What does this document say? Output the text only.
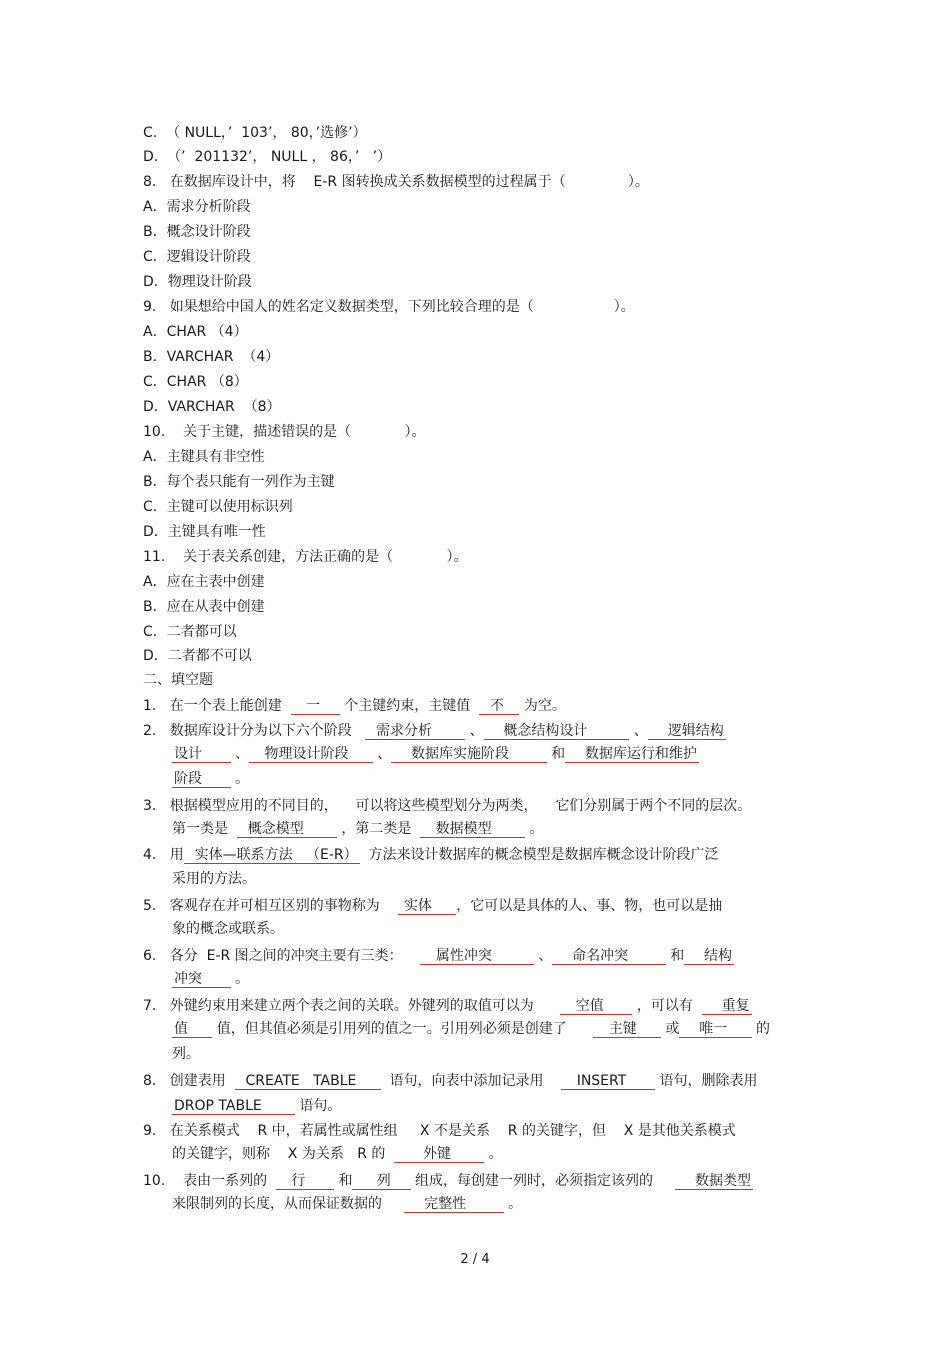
C.  （ NULL，’  103’， 80，’选修’）
D.  （’  201132’， NULL ， 86，’   ’）
8.   在数据库设计中，将    E-R 图转换成关系数据模型的过程属于（              ）。
A．需求分析阶段
B．概念设计阶段
C．逻辑设计阶段
D．物理设计阶段
9.   如果想给中国人的姓名定义数据类型，下列比较合理的是（                  ）。
A．CHAR （4）
B．VARCHAR  （4）
C．CHAR （8）
D．VARCHAR  （8）
10.    关于主键，描述错误的是（            ）。
A．主键具有非空性
B．每个表只能有一列作为主键
C．主键可以使用标识列
D．主键具有唯一性
11.    关于表关系创建，方法正确的是（            ）。
A．应在主表中创建
B．应在从表中创建
C．二者都可以
D．二者都不可以
二、填空题
1.   在一个表上能创建     一     个主键约束，主键值    不    为空。
2.   数据库设计分为以下六个阶段     需求分析        、    概念结构设计          、    逻辑结构
设计       、   物理设计阶段      、    数据库实施阶段         和    数据库运行和维护
阶段       。
3.   根据模型应用的不同目的，    可以将这些模型划分为两类，    它们分别属于两个不同的层次。
第一类是    概念模型        ，第二类是     数据模型        。
4.   用  实体—联系方法   （E-R）  方法来设计数据库的概念模型是数据库概念设计阶段广泛
采用的方法。
5.   客观存在并可相互区别的事物称为     实体     ，它可以是具体的人、事、物，也可以是抽
象的概念或联系。
6.   各分  E-R 图之间的冲突主要有三类：       属性冲突          、    命名冲突         和    结构
冲突       。
7.   外键约束用来建立两个表之间的关联。外键列的取值可以为         空值       ，可以有      重复
值      值，但其值必须是引用列的值之一。引用列必须是创建了         主键      或    唯一      的
列。
8.   创建表用    CREATE   TABLE       语句，向表中添加记录用       INSERT       语句，删除表用
DROP TABLE        语句。
9.   在关系模式    R 中，若属性或属性组     X 不是关系    R 的关键字，但    X 是其他关系模式
的关键字，则称    X 为关系   R 的        外键        。
10.    表由一系列的     行       和     列     组成，每创建一列时，必须指定该列的         数据类型
来限制列的长度，从而保证数据的         完整性         。
2 / 4
